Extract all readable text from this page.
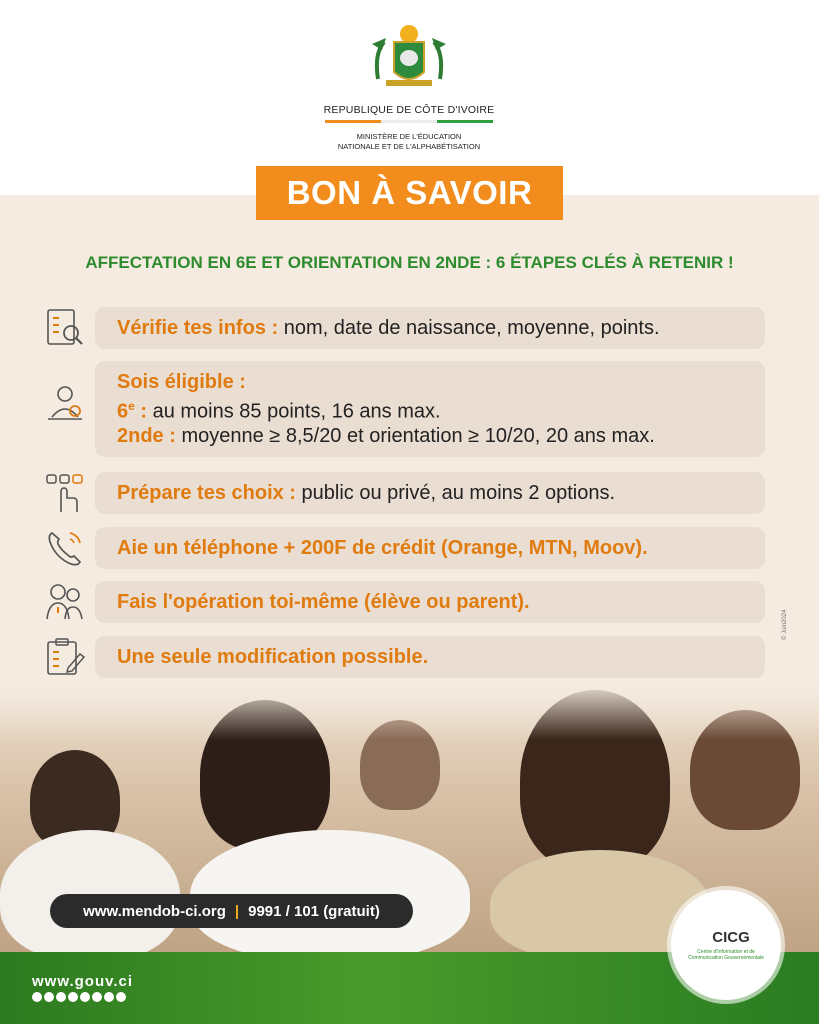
REPUBLIQUE DE CÔTE D'IVOIRE
MINISTÈRE DE L'ÉDUCATION
NATIONALE ET DE L'ALPHABÉTISATION
BON À SAVOIR
AFFECTATION EN 6E ET ORIENTATION EN 2NDE : 6 ÉTAPES CLÉS À RETENIR !
Vérifie tes infos : nom, date de naissance, moyenne, points.
Sois éligible :
6e : au moins 85 points, 16 ans max.
2nde : moyenne ≥ 8,5/20 et orientation ≥ 10/20, 20 ans max.
Prépare tes choix : public ou privé, au moins 2 options.
Aie un téléphone + 200F de crédit (Orange, MTN, Moov).
Fais l'opération toi-même (élève ou parent).
Une seule modification possible.
© Juin2024
www.mendob-ci.org | 9991 / 101 (gratuit)
www.gouv.ci
CICG
Centre d'Information et de Communication Gouvernementale
